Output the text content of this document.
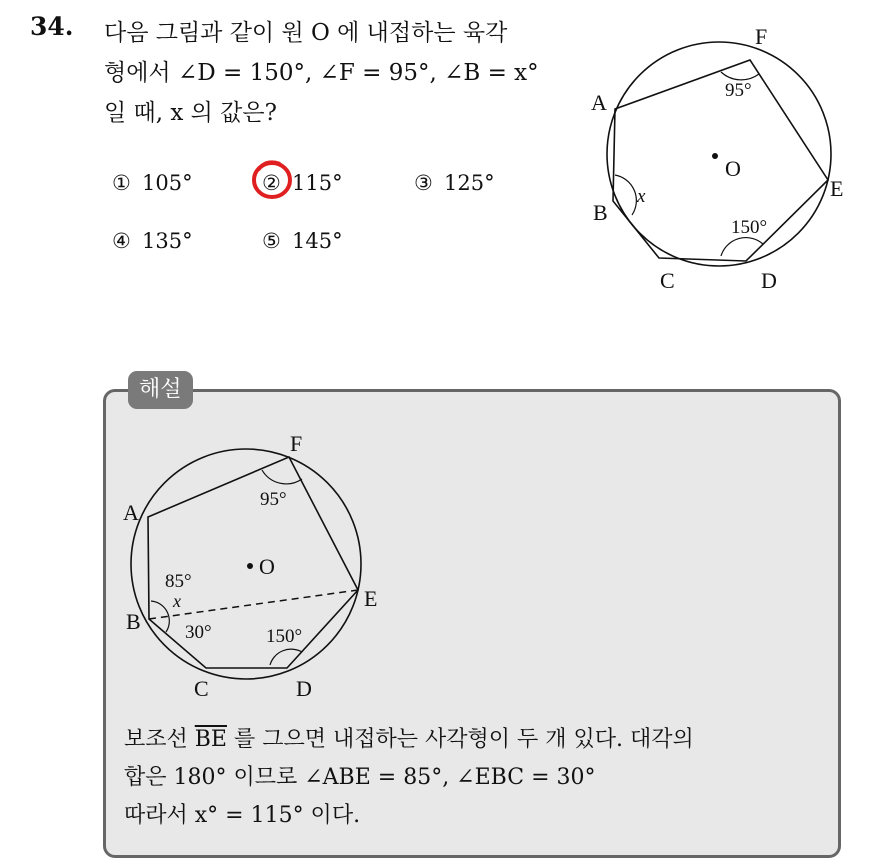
34. 다음 그림과 같이 원 O 에 내접하는 육각
형에서 ∠D = 150°, ∠F = 95°, ∠B = x°
일 때, x 의 값은?
① 105°	② 115°	③ 125°
④ 135°	⑤ 145°
A
F
E
D
C
B
O
95°
150°
x
해설
A
F
E
D
C
B
O
95°
150°
85°
30°
x
보조선 $\overline{BE}$ 를 그으면 내접하는 사각형이 두 개 있다. 대각의
합은 180° 이므로 ∠ABE = 85°, ∠EBC = 30°
따라서 x° = 115° 이다.
